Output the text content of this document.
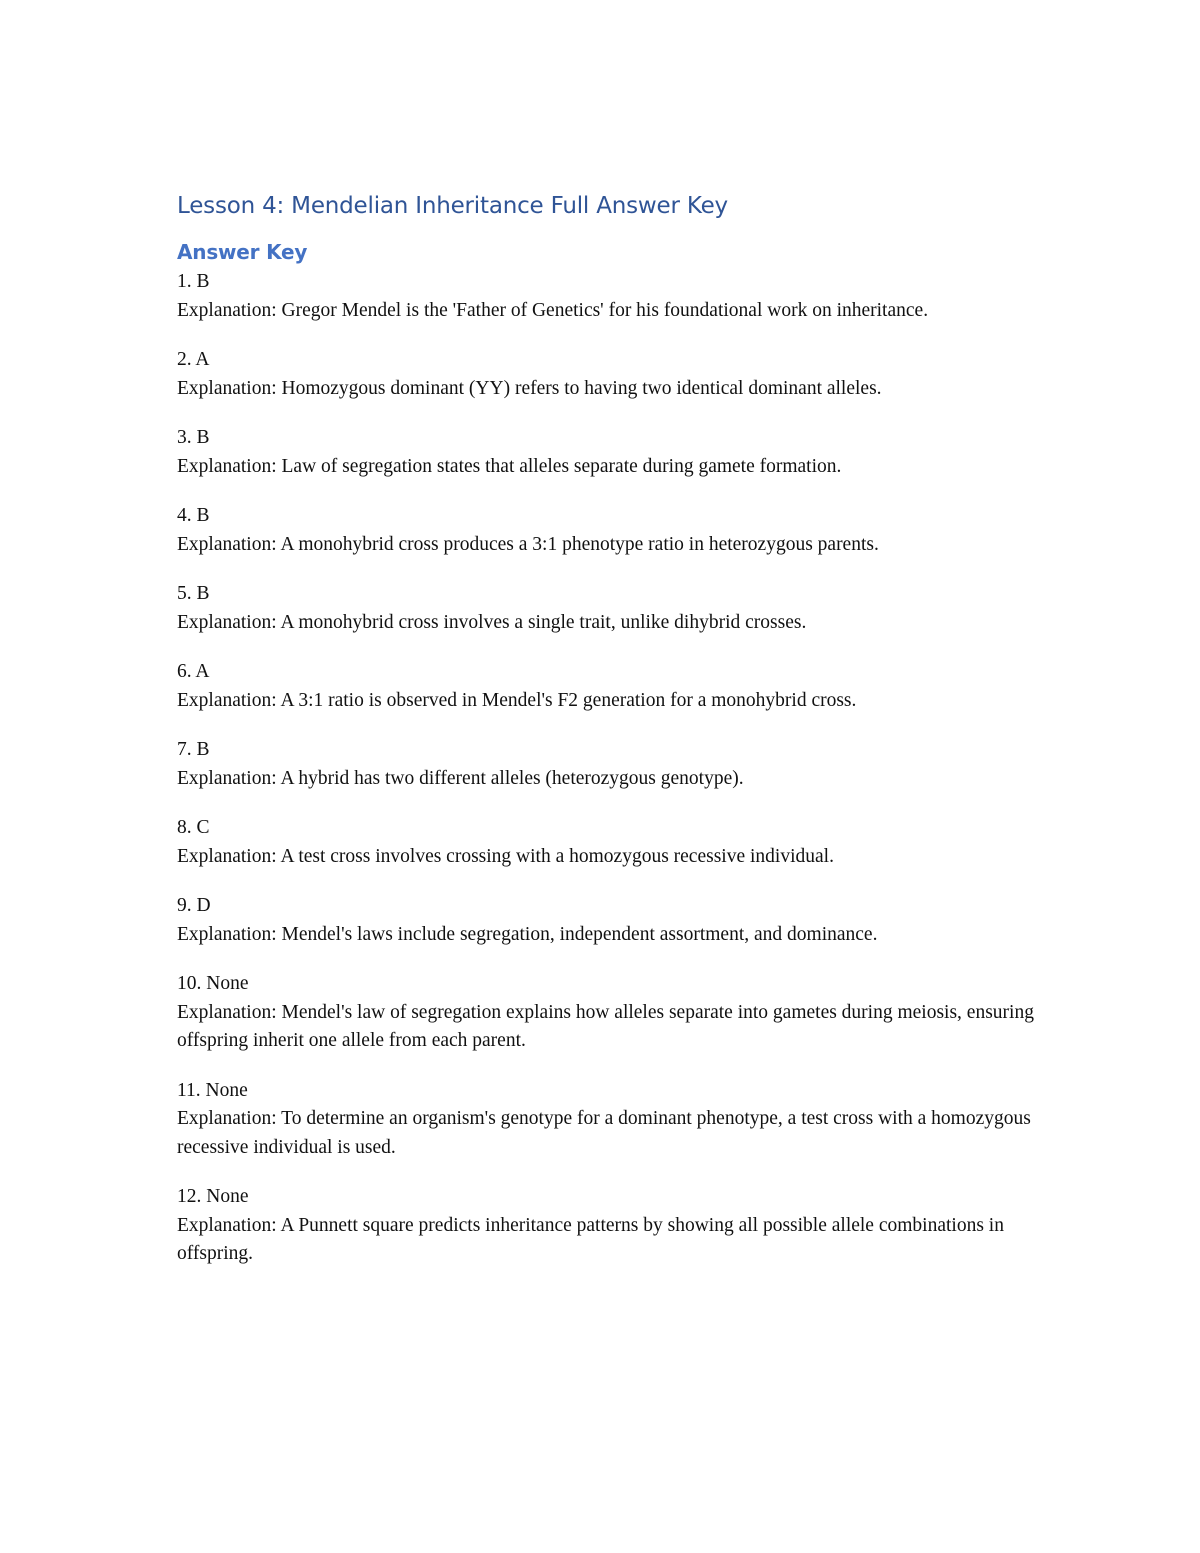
Lesson 4: Mendelian Inheritance Full Answer Key
Answer Key
1. B
Explanation: Gregor Mendel is the 'Father of Genetics' for his foundational work on inheritance.
2. A
Explanation: Homozygous dominant (YY) refers to having two identical dominant alleles.
3. B
Explanation: Law of segregation states that alleles separate during gamete formation.
4. B
Explanation: A monohybrid cross produces a 3:1 phenotype ratio in heterozygous parents.
5. B
Explanation: A monohybrid cross involves a single trait, unlike dihybrid crosses.
6. A
Explanation: A 3:1 ratio is observed in Mendel's F2 generation for a monohybrid cross.
7. B
Explanation: A hybrid has two different alleles (heterozygous genotype).
8. C
Explanation: A test cross involves crossing with a homozygous recessive individual.
9. D
Explanation: Mendel's laws include segregation, independent assortment, and dominance.
10. None
Explanation: Mendel's law of segregation explains how alleles separate into gametes during meiosis, ensuring offspring inherit one allele from each parent.
11. None
Explanation: To determine an organism's genotype for a dominant phenotype, a test cross with a homozygous recessive individual is used.
12. None
Explanation: A Punnett square predicts inheritance patterns by showing all possible allele combinations in offspring.
